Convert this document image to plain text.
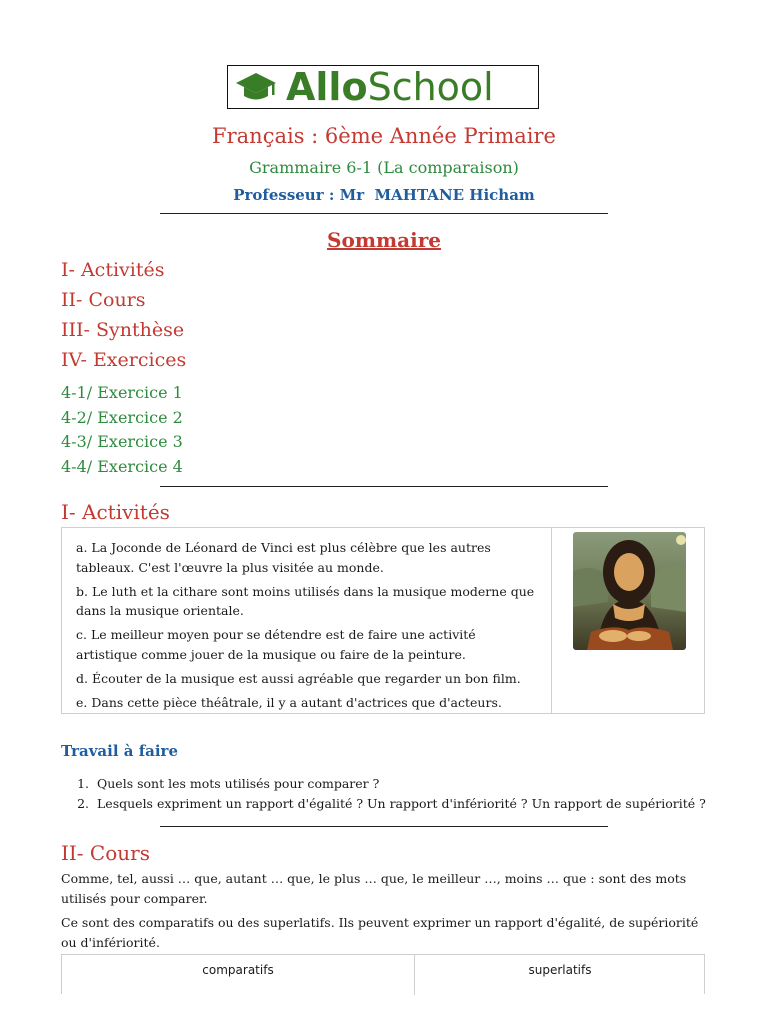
AlloSchool
Français : 6ème Année Primaire
Grammaire 6-1 (La comparaison)
Professeur : Mr  MAHTANE Hicham
Sommaire
I- Activités
II- Cours
III- Synthèse
IV- Exercices
4-1/ Exercice 1
4-2/ Exercice 2
4-3/ Exercice 3
4-4/ Exercice 4
I- Activités

a. La Joconde de Léonard de Vinci est plus célèbre que les autres tableaux. C'est l'œuvre la plus visitée au monde.

b. Le luth et la cithare sont moins utilisés dans la musique moderne que dans la musique orientale.

c. Le meilleur moyen pour se détendre est de faire une activité artistique comme jouer de la musique ou faire de la peinture.

d. Écouter de la musique est aussi agréable que regarder un bon film.

e. Dans cette pièce théâtrale, il y a autant d'actrices que d'acteurs.

Travail à faire
1. Quels sont les mots utilisés pour comparer ?
2. Lesquels expriment un rapport d'égalité ? Un rapport d'infériorité ? Un rapport de supériorité ?
II- Cours
Comme, tel, aussi … que, autant … que, le plus … que, le meilleur …, moins … que : sont des mots utilisés pour comparer.
Ce sont des comparatifs ou des superlatifs. Ils peuvent exprimer un rapport d'égalité, de supériorité ou d'infériorité.
comparatifs	superlatifs
